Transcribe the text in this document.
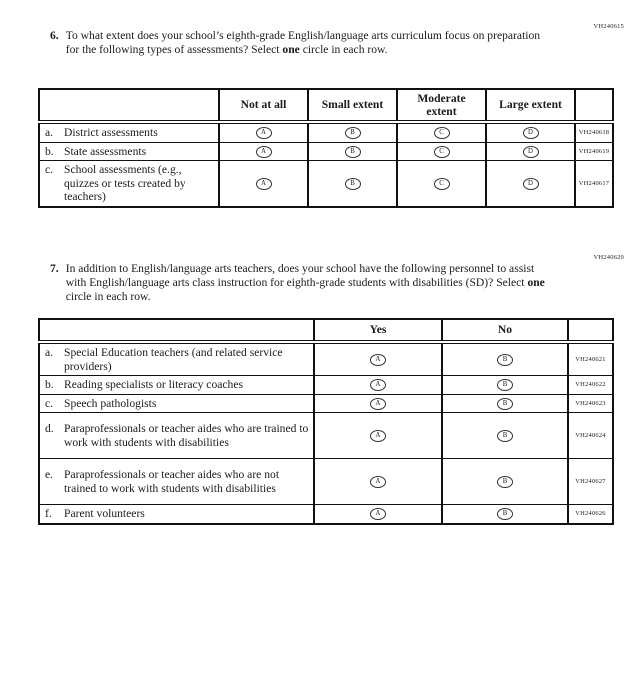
VH240615
6. To what extent does your school’s eighth-grade English/language arts curriculum focus on preparation for the following types of assessments? Select one circle in each row.
	Not at all	Small extent	Moderate extent	Large extent	

a. District assessments	A	B	C	D	VH240618

b. State assessments	A	B	C	D	VH240619

c. School assessments (e.g., quizzes or tests created by teachers)	A	B	C	D	VH240617
VH240620
7. In addition to English/language arts teachers, does your school have the following personnel to assist with English/language arts class instruction for eighth-grade students with disabilities (SD)? Select one circle in each row.
	Yes	No	

a. Special Education teachers (and related service providers)	A	B	VH240621

b. Reading specialists or literacy coaches	A	B	VH240622

c. Speech pathologists	A	B	VH240623

d. Paraprofessionals or teacher aides who are trained to work with students with disabilities	A	B	VH240624

e. Paraprofessionals or teacher aides who are not trained to work with students with disabilities	A	B	VH240627

f. Parent volunteers	A	B	VH240626
